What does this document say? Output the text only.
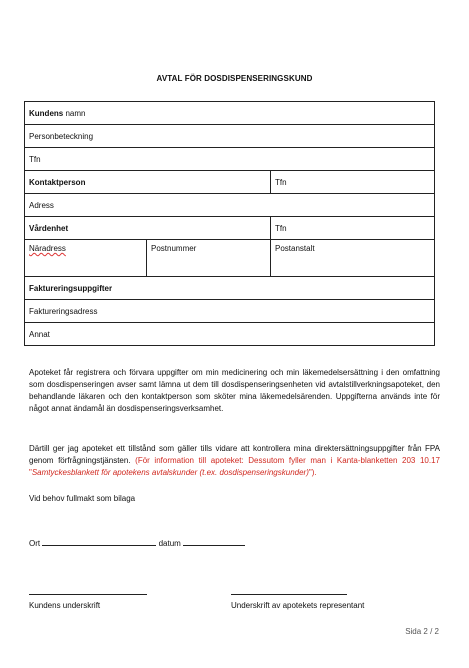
AVTAL FÖR DOSDISPENSERINGSKUND
Kundens namn		
Personbeteckning		
Tfn		
Kontaktperson		Tfn
Adress		
Vårdenhet		Tfn
Näradress	Postnummer	Postanstalt
Faktureringsuppgifter		
Faktureringsadress		
Annat		
Apoteket får registrera och förvara uppgifter om min medicinering och min läkemedelsersättning i den omfattning som dosdispenseringen avser samt lämna ut dem till dosdispenseringsenheten vid avtalstillverkningsapoteket, den behandlande läkaren och den kontaktperson som sköter mina läkemedelsärenden. Uppgifterna används inte för något annat ändamål än dosdispenseringsverksamhet.
Därtill ger jag apoteket ett tillstånd som gäller tills vidare att kontrollera mina direktersättningsuppgifter från FPA genom förfrågningstjänsten. (För information till apoteket: Dessutom fyller man i Kanta-blanketten 203 10.17 "Samtyckesblankett för apotekens avtalskunder (t.ex. dosdispenseringskunder)").
Vid behov fullmakt som bilaga
Ort	datum
Kundens underskrift	Underskrift av apotekets representant
Sida 2 / 2
